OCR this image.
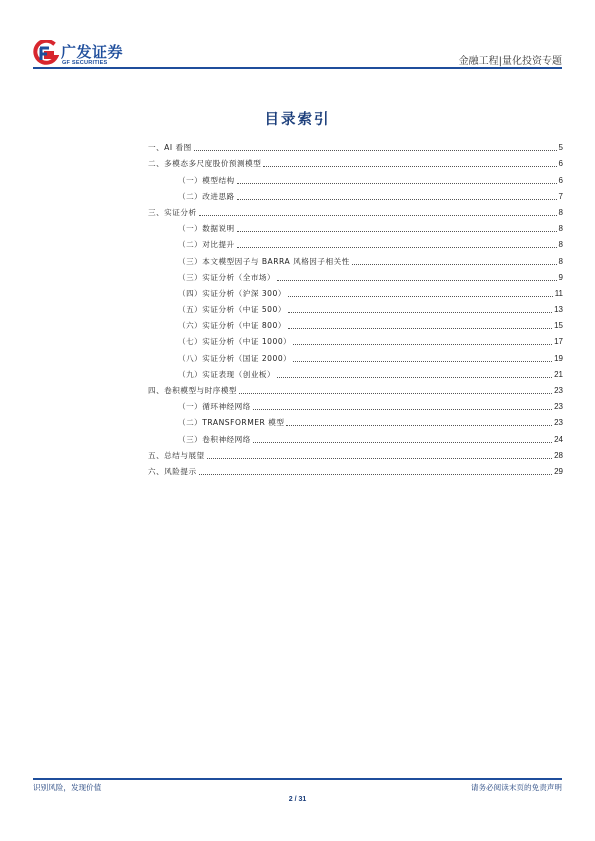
广发证券
GF SECURITIES	金融工程|量化投资专题
目录索引
一、AI 看图	5
二、多模态多尺度股价预测模型	6
（一）模型结构	6
（二）改进思路	7
三、实证分析	8
（一）数据说明	8
（二）对比提升	8
（三）本文模型因子与 BARRA 风格因子相关性	8
（三）实证分析（全市场）	9
（四）实证分析（沪深 300）	11
（五）实证分析（中证 500）	13
（六）实证分析（中证 800）	15
（七）实证分析（中证 1000）	17
（八）实证分析（国证 2000）	19
（九）实证表现（创业板）	21
四、卷积模型与时序模型	23
（一）循环神经网络	23
（二）TRANSFORMER 模型	23
（三）卷积神经网络	24
五、总结与展望	28
六、风险提示	29
识别风险，发现价值	请务必阅读末页的免责声明
2 / 31
